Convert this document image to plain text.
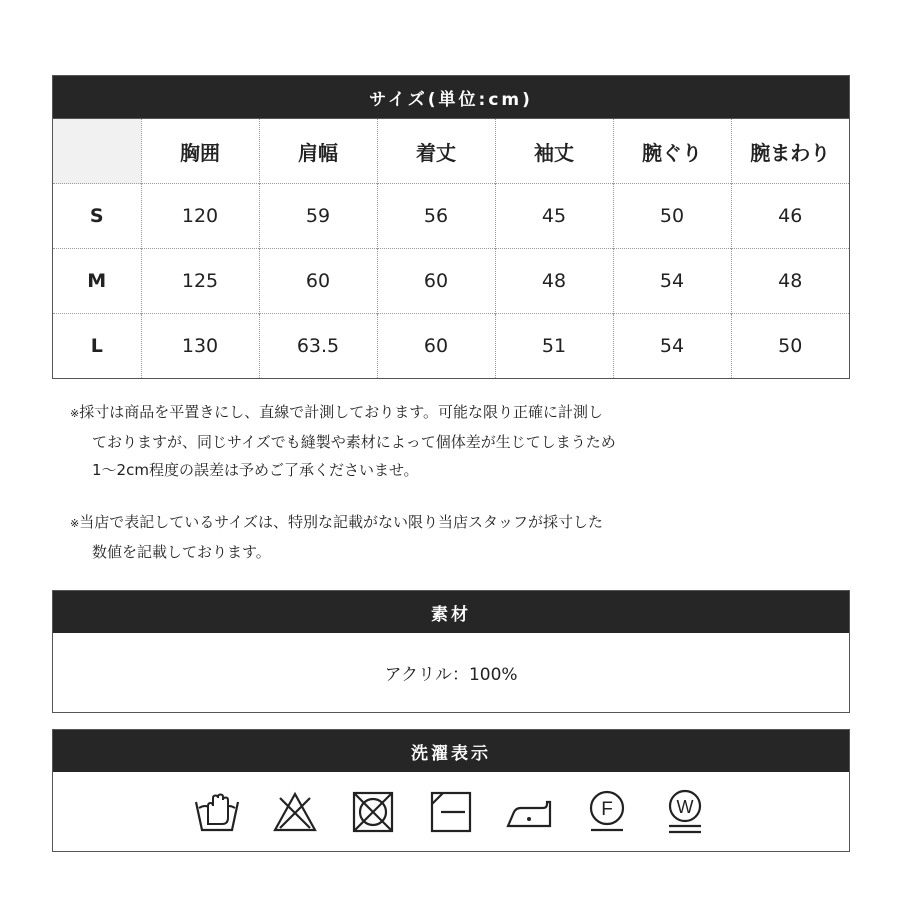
サイズ(単位:cm)
	胸囲	肩幅	着丈	袖丈	腕ぐり	腕まわり
S	120	59	56	45	50	46
M	125	60	60	48	54	48
L	130	63.5	60	51	54	50
※採寸は商品を平置きにし、直線で計測しております。可能な限り正確に計測し
ておりますが、同じサイズでも縫製や素材によって個体差が生じてしまうため
1〜2cm程度の誤差は予めご了承くださいませ。
※当店で表記しているサイズは、特別な記載がない限り当店スタッフが採寸した
数値を記載しております。
素材
アクリル：100%
洗濯表示
F	W
